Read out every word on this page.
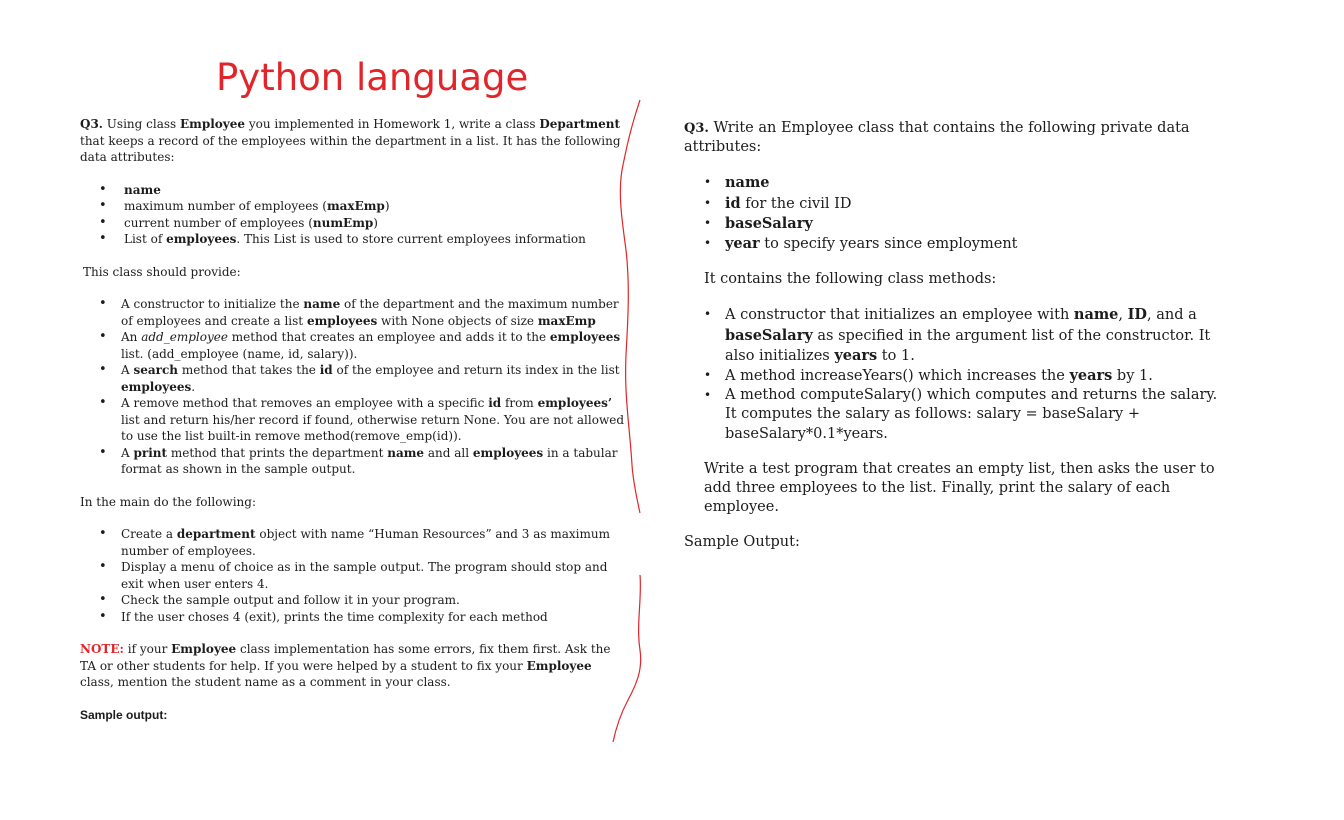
Python language

Q3. Using class Employee you implemented in Homework 1, write a class Department that keeps a record of the employees within the department in a list. It has the following data attributes:

• name
• maximum number of employees (maxEmp)
• current number of employees (numEmp)
• List of employees. This List is used to store current employees information

This class should provide:

• A constructor to initialize the name of the department and the maximum number of employees and create a list employees with None objects of size maxEmp
• An add_employee method that creates an employee and adds it to the employees list. (add_employee (name, id, salary)).
• A search method that takes the id of the employee and return its index in the list employees.
• A remove method that removes an employee with a specific id from employees’ list and return his/her record if found, otherwise return None. You are not allowed to use the list built-in remove method(remove_emp(id)).
• A print method that prints the department name and all employees in a tabular format as shown in the sample output.

In the main do the following:

• Create a department object with name “Human Resources” and 3 as maximum number of employees.
• Display a menu of choice as in the sample output. The program should stop and exit when user enters 4.
• Check the sample output and follow it in your program.
• If the user choses 4 (exit), prints the time complexity for each method

NOTE: if your Employee class implementation has some errors, fix them first. Ask the TA or other students for help. If you were helped by a student to fix your Employee class, mention the student name as a comment in your class.

Sample output:

Q3. Write an Employee class that contains the following private data attributes:

• name
• id for the civil ID
• baseSalary
• year to specify years since employment

It contains the following class methods:

• A constructor that initializes an employee with name, ID, and a baseSalary as specified in the argument list of the constructor. It also initializes years to 1.
• A method increaseYears() which increases the years by 1.
• A method computeSalary() which computes and returns the salary. It computes the salary as follows: salary = baseSalary + baseSalary*0.1*years.

Write a test program that creates an empty list, then asks the user to add three employees to the list. Finally, print the salary of each employee.

Sample Output:
